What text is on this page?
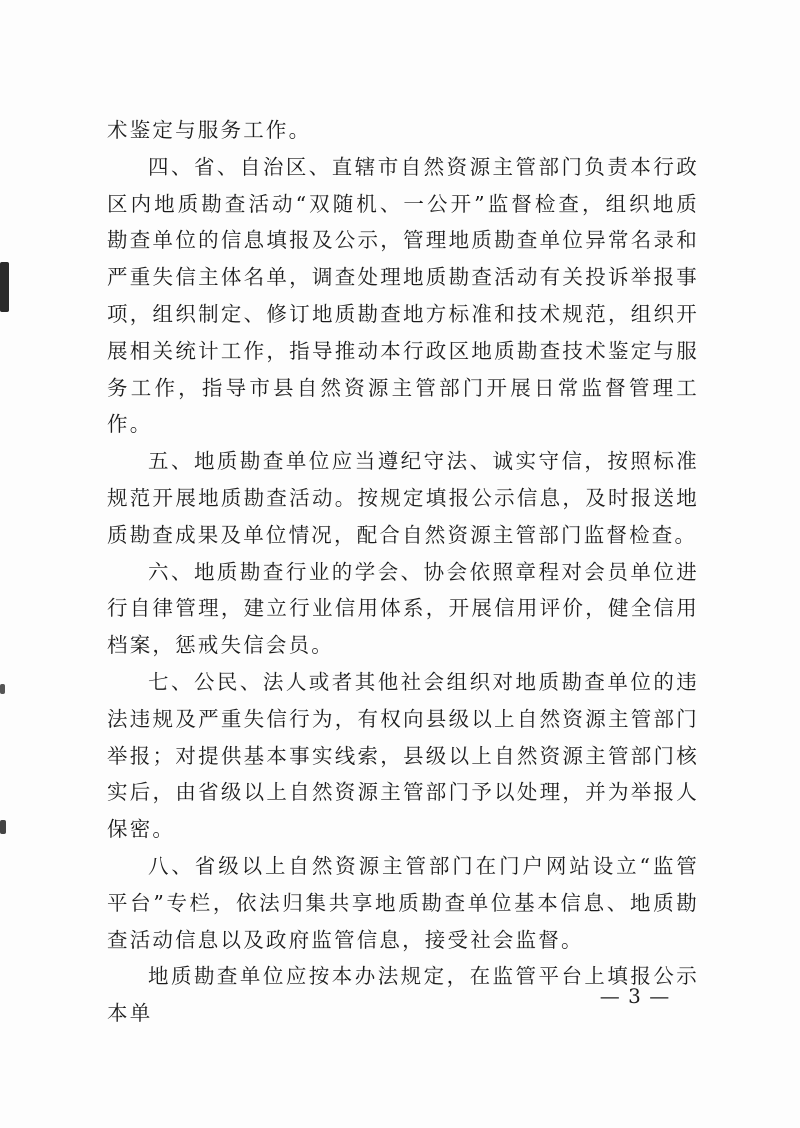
术鉴定与服务工作。

四、省、自治区、直辖市自然资源主管部门负责本行政区内地质勘查活动“双随机、一公开”监督检查，组织地质勘查单位的信息填报及公示，管理地质勘查单位异常名录和严重失信主体名单，调查处理地质勘查活动有关投诉举报事项，组织制定、修订地质勘查地方标准和技术规范，组织开展相关统计工作，指导推动本行政区地质勘查技术鉴定与服务工作，指导市县自然资源主管部门开展日常监督管理工作。

五、地质勘查单位应当遵纪守法、诚实守信，按照标准规范开展地质勘查活动。按规定填报公示信息，及时报送地质勘查成果及单位情况，配合自然资源主管部门监督检查。

六、地质勘查行业的学会、协会依照章程对会员单位进行自律管理，建立行业信用体系，开展信用评价，健全信用档案，惩戒失信会员。

七、公民、法人或者其他社会组织对地质勘查单位的违法违规及严重失信行为，有权向县级以上自然资源主管部门举报；对提供基本事实线索，县级以上自然资源主管部门核实后，由省级以上自然资源主管部门予以处理，并为举报人保密。

八、省级以上自然资源主管部门在门户网站设立“监管平台”专栏，依法归集共享地质勘查单位基本信息、地质勘查活动信息以及政府监管信息，接受社会监督。

地质勘查单位应按本办法规定，在监管平台上填报公示本单

— 3 —
